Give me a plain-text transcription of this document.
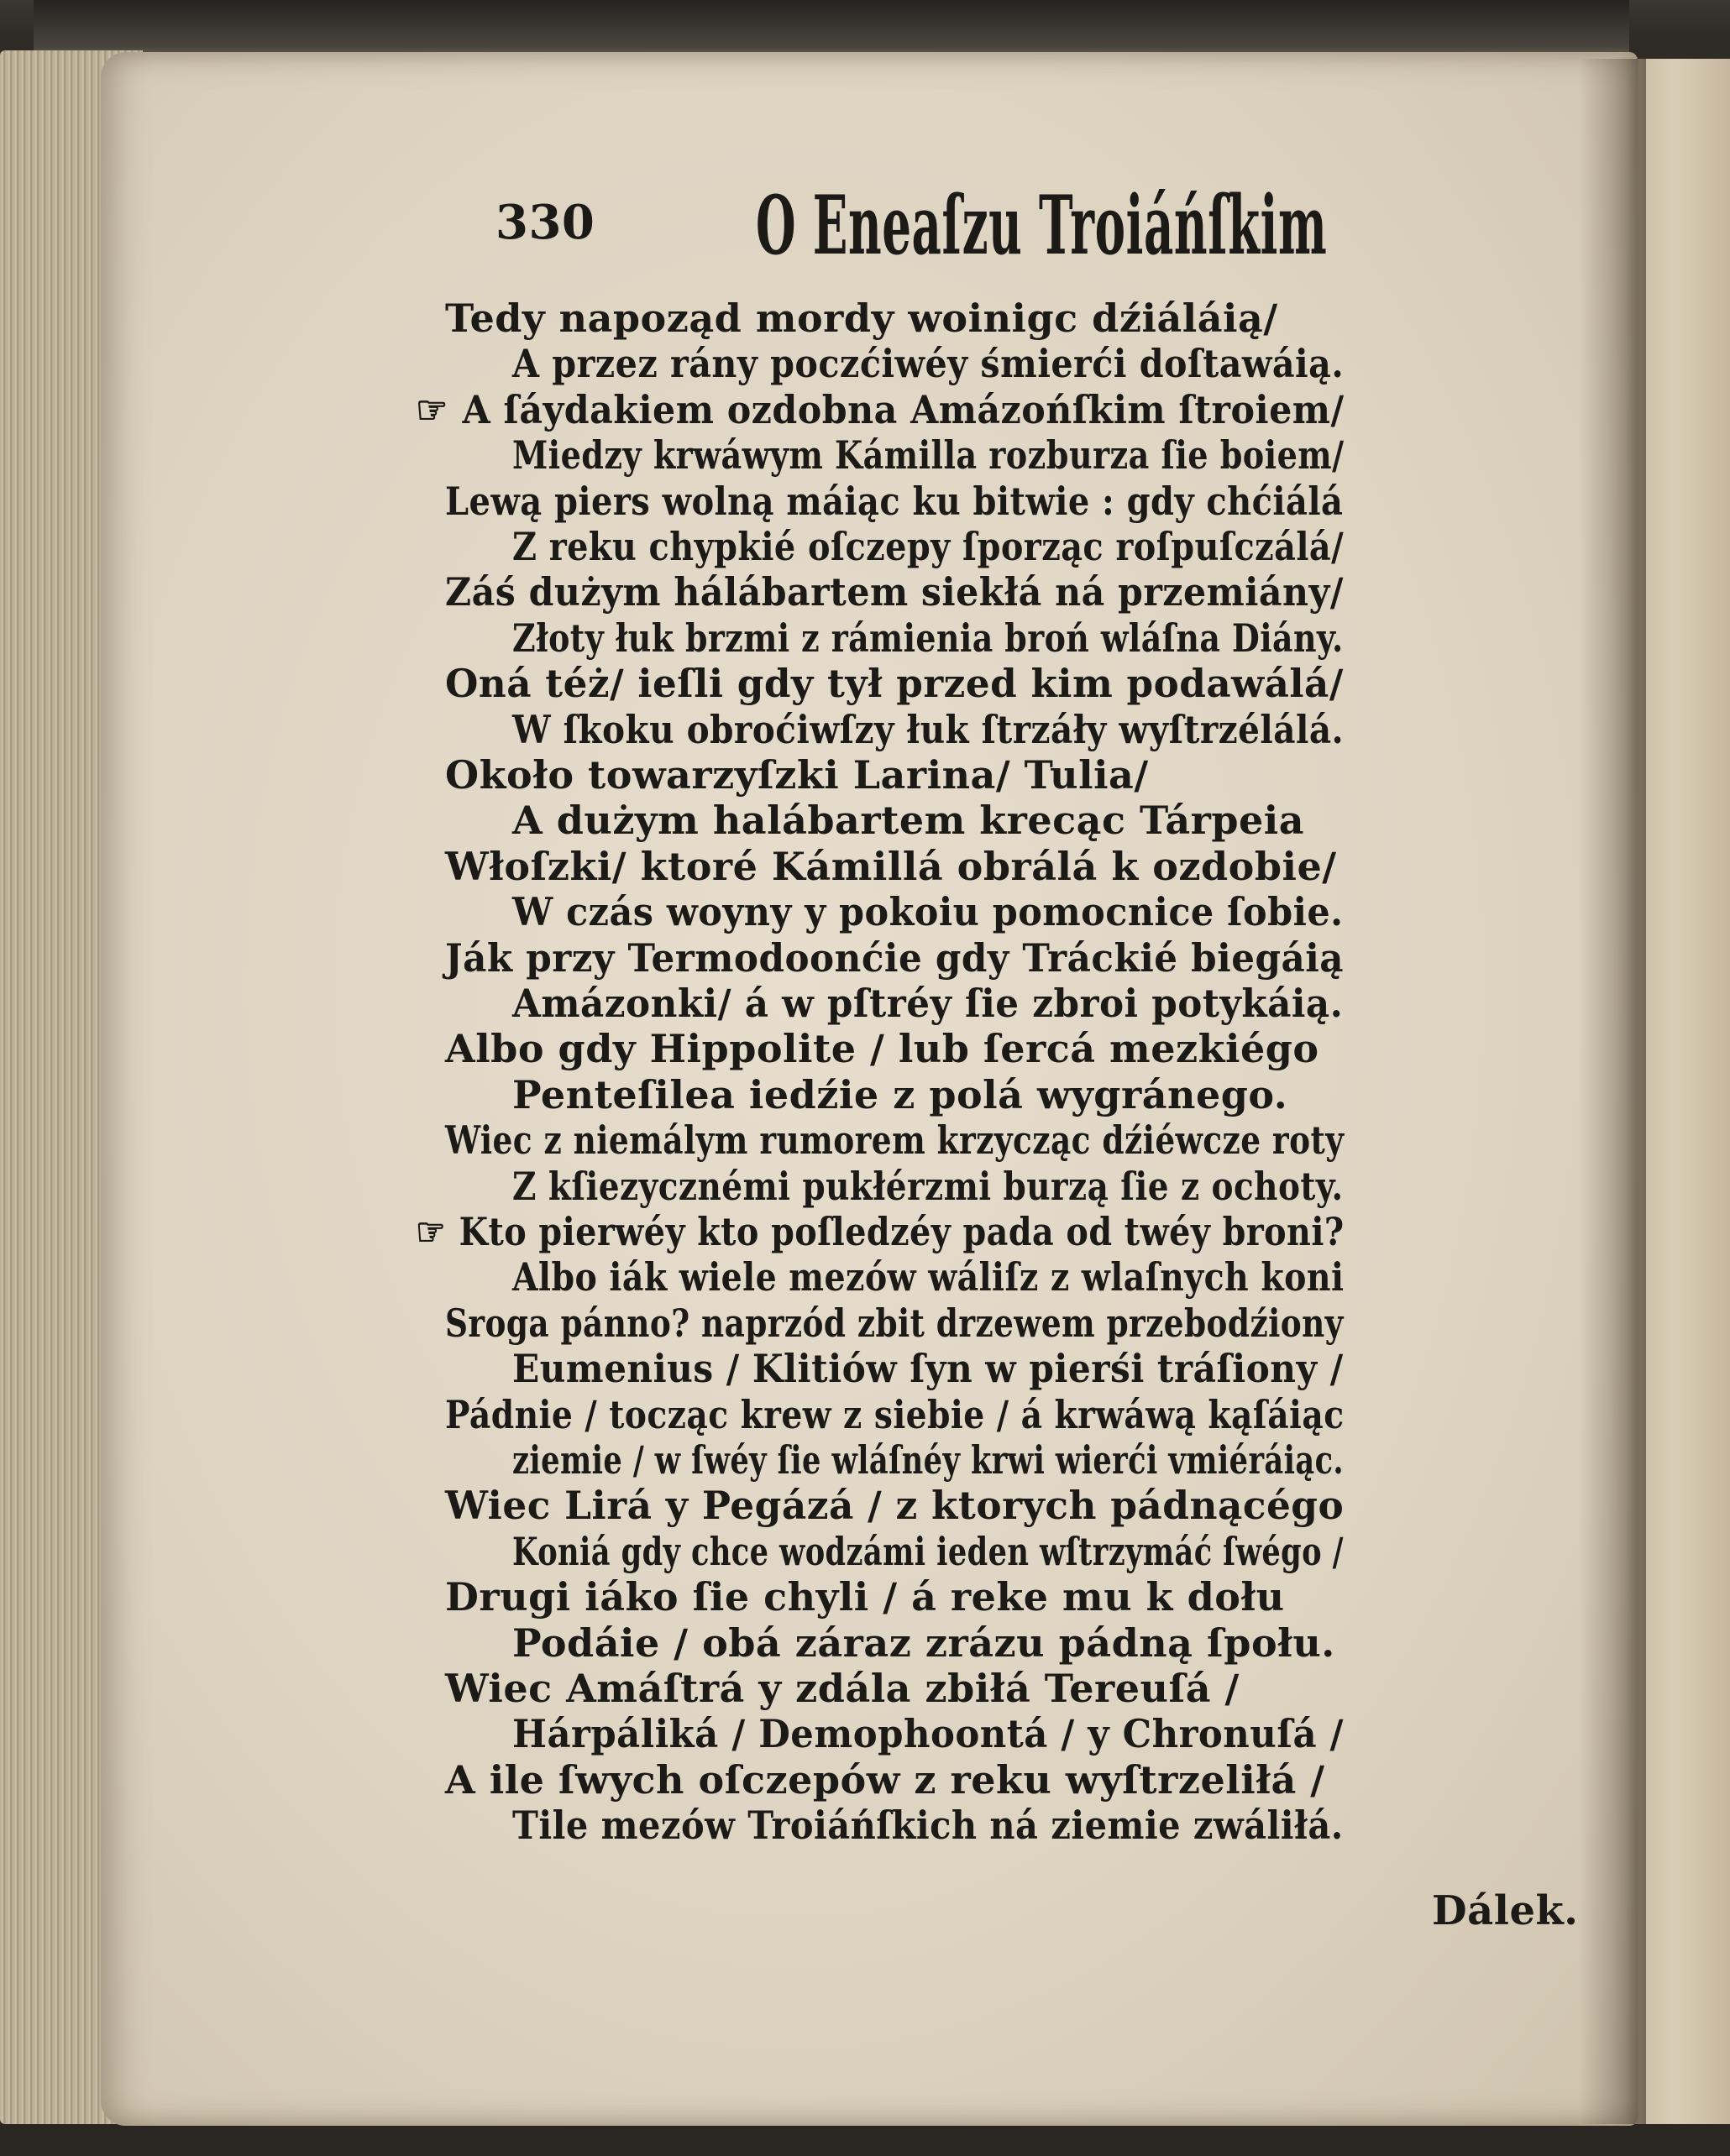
330 O Eneaſzu Troiáńſkim
Tedy napoząd mordy woinigc dźiáláią/
A przez rány poczćiwéy śmierći doſtawáią.
☞ A ſáydakiem ozdobna Amázońſkim ſtroiem/
Miedzy krwáwym Kámilla rozburza ſie boiem/
Lewą piers wolną máiąc ku bitwie : gdy chćiálá
Z reku chypkié oſczepy ſporząc roſpuſczálá/
Záś dużym hálábartem siekłá ná przemiány/
Złoty łuk brzmi z rámienia broń wláſna Diány.
Oná téż/ ieſli gdy tył przed kim podawálá/
W ſkoku obroćiwſzy łuk ſtrzáły wyſtrzélálá.
Około towarzyſzki Larina/ Tulia/
A dużym halábartem krecąc Tárpeia
Włoſzki/ ktoré Kámillá obrálá k ozdobie/
W czás woyny y pokoiu pomocnice ſobie.
Ják przy Termodoonćie gdy Tráckié biegáią
Amázonki/ á w pſtréy ſie zbroi potykáią.
Albo gdy Hippolite / lub ſercá mezkiégo
Penteſilea iedźie z polá wygránego.
Wiec z niemálym rumorem krzycząc dźiéwcze roty
Z kſiezycznémi pukłérzmi burzą ſie z ochoty.
☞ Kto pierwéy kto poſledzéy pada od twéy broni?
Albo iák wiele mezów wáliſz z wlaſnych koni
Sroga pánno? naprzód zbit drzewem przebodźiony
Eumenius / Klitiów ſyn w pierśi tráſiony /
Pádnie / tocząc krew z siebie / á krwáwą kąſáiąc
ziemie / w ſwéy ſie wláſnéy krwi wierći vmiéráiąc.
Wiec Lirá y Pegázá / z ktorych pádnącégo
Koniá gdy chce wodzámi ieden wſtrzymáć ſwégo /
Drugi iáko ſie chyli / á reke mu k dołu
Podáie / obá záraz zrázu pádną ſpołu.
Wiec Amáſtrá y zdála zbiłá Tereuſá /
Hárpáliká / Demophoontá / y Chronuſá /
A ile ſwych oſczepów z reku wyſtrzeliłá /
Tile mezów Troiáńſkich ná ziemie zwáliłá.
Dálek.
